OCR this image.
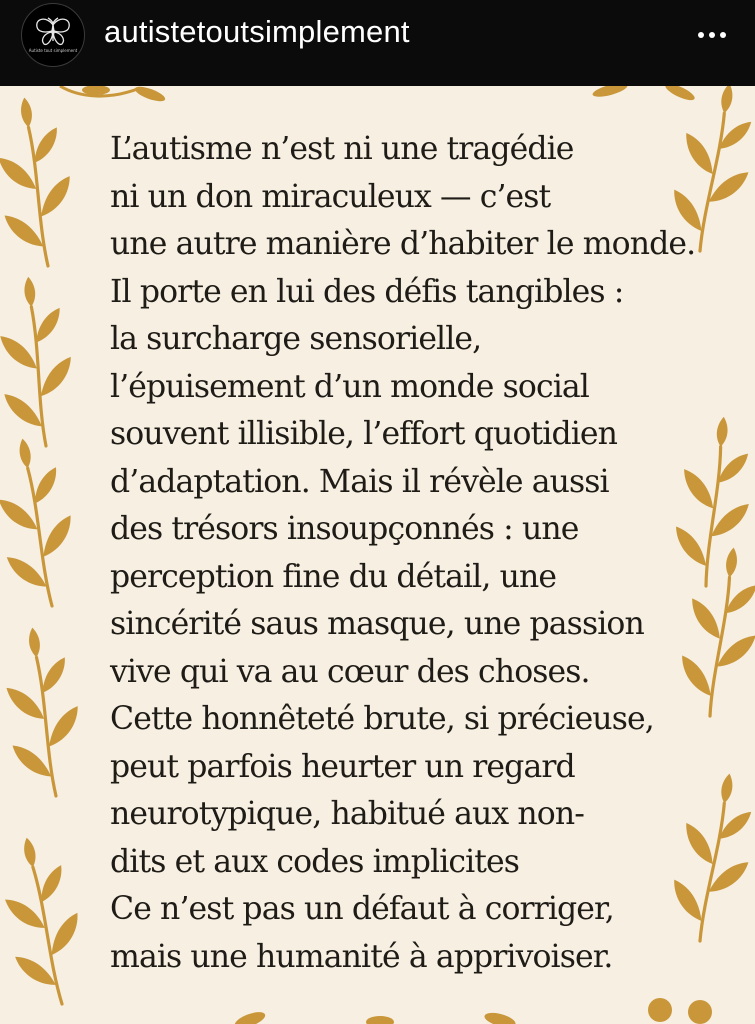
Autiste tout simplement
autistetoutsimplement
L’autisme n’est ni une tragédie
ni un don miraculeux — c’est
une autre manière d’habiter le monde.
Il porte en lui des défis tangibles :
la surcharge sensorielle,
l’épuisement d’un monde social
souvent illisible, l’effort quotidien
d’adaptation. Mais il révèle aussi
des trésors insoupçonnés : une
perception fine du détail, une
sincérité saus masque, une passion
vive qui va au cœur des choses.
Cette honnêteté brute, si précieuse,
peut parfois heurter un regard
neurotypique, habitué aux non-
dits et aux codes implicites
Ce n’est pas un défaut à corriger,
mais une humanité à apprivoiser.
